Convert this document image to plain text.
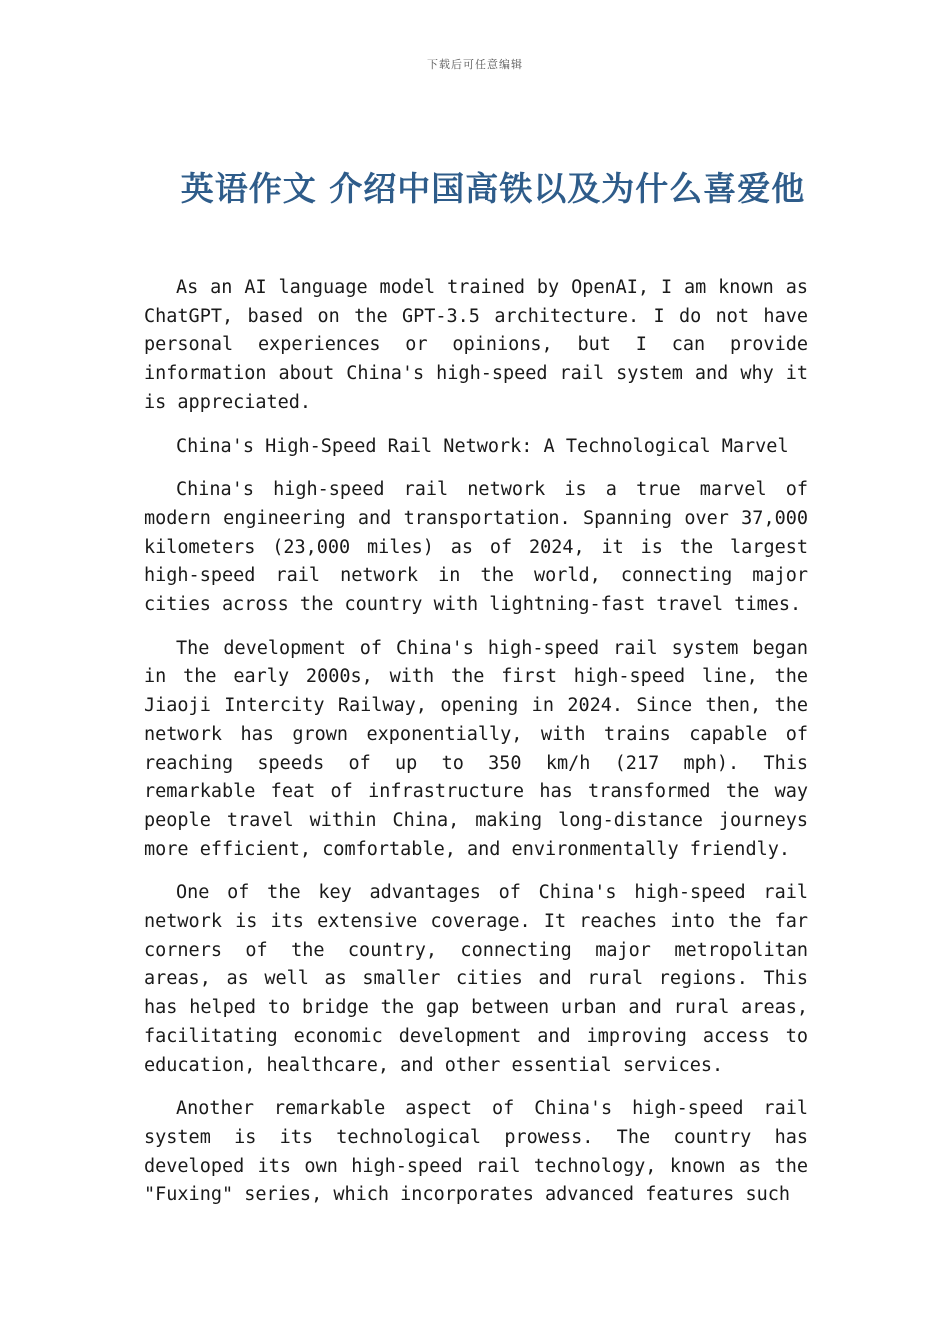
下载后可任意编辑
英语作文 介绍中国高铁以及为什么喜爱他

As an AI language model trained by OpenAI, I am known as ChatGPT, based on the GPT-3.5 architecture. I do not have personal experiences or opinions, but I can provide information about China's high-speed rail system and why it is appreciated.

China's High-Speed Rail Network: A Technological Marvel

China's high-speed rail network is a true marvel of modern engineering and transportation. Spanning over 37,000 kilometers (23,000 miles) as of 2024, it is the largest high-speed rail network in the world, connecting major cities across the country with lightning-fast travel times.

The development of China's high-speed rail system began in the early 2000s, with the first high-speed line, the Jiaoji Intercity Railway, opening in 2024. Since then, the network has grown exponentially, with trains capable of reaching speeds of up to 350 km/h (217 mph). This remarkable feat of infrastructure has transformed the way people travel within China, making long-distance journeys more efficient, comfortable, and environmentally friendly.

One of the key advantages of China's high-speed rail network is its extensive coverage. It reaches into the far corners of the country, connecting major metropolitan areas, as well as smaller cities and rural regions. This has helped to bridge the gap between urban and rural areas, facilitating economic development and improving access to education, healthcare, and other essential services.

Another remarkable aspect of China's high-speed rail system is its technological prowess. The country has developed its own high-speed rail technology, known as the "Fuxing" series, which incorporates advanced features such
